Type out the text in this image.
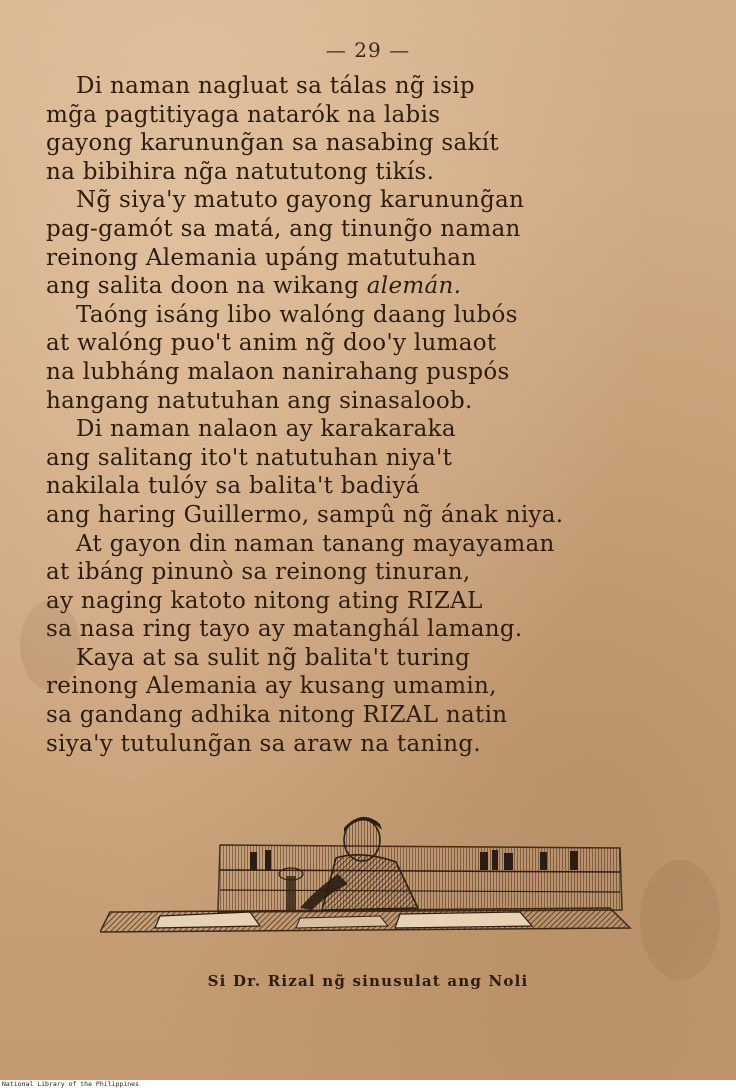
— 29 —
Di naman nagluat sa tálas ng̃ isip
mg̃a pagtitiyaga natarók na labis
gayong karunung̃an sa nasabing sakít
na bibihira ng̃a natututong tikís.
Ng̃ siya'y matuto gayong karunung̃an
pag-gamót sa matá, ang tinung̃o naman
reinong Alemania upáng matutuhan
ang salita doon na wikang alemán.
Taóng isáng libo walóng daang lubós
at walóng puo't anim ng̃ doo'y lumaot
na lubháng malaon nanirahang puspós
hangang natutuhan ang sinasaloob.
Di naman nalaon ay karakaraka
ang salitang ito't natutuhan niya't
nakilala tulóy sa balita't badiyá
ang haring Guillermo, sampû ng̃ ának niya.
At gayon din naman tanang mayayaman
at ibáng pinunò sa reinong tinuran,
ay naging katoto nitong ating RIZAL
sa nasa ring tayo ay matanghál lamang.
Kaya at sa sulit ng̃ balita't turing
reinong Alemania ay kusang umamin,
sa gandang adhika nitong RIZAL natin
siya'y tutulung̃an sa araw na taning.
Si Dr. Rizal ng̃ sinusulat ang Noli
National Library of the Philippines
